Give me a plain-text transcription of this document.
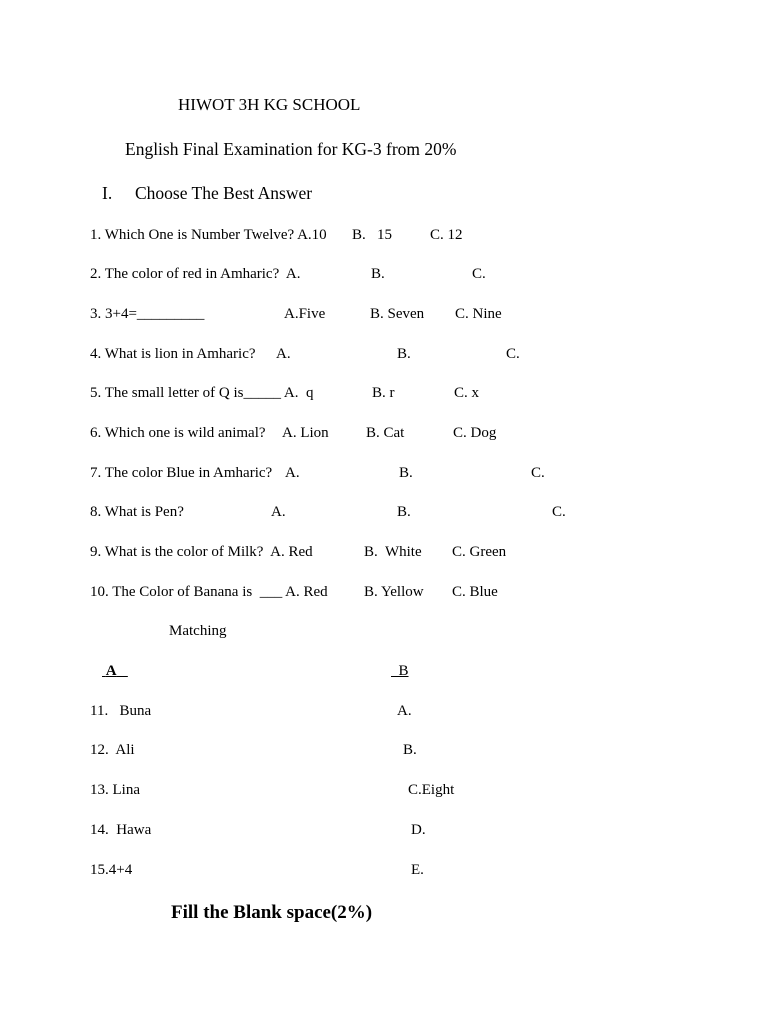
HIWOT 3H KG SCHOOL
English Final Examination for KG-3 from 20%
I. Choose The Best Answer
1. Which One is Number Twelve? A.10 B.   15	C. 12
2. The color of red in Amharic?  A.	B.	C.
3. 3+4=_________	A.Five	B. Seven C. Nine
4. What is lion in Amharic? A.	B.	C.
5. The small letter of Q is_____ A.  q	B. r	C. x
6. Which one is wild animal? A. Lion B. Cat	C. Dog
7. The color Blue in Amharic? A.	B.	C.
8. What is Pen?	A.	B.	C.
9. What is the color of Milk?  A. Red	B.  White C. Green
10. The Color of Banana is  ___ A. Red B. Yellow C. Blue
Matching
A	B
11.   Buna	A.
12.  Ali	B.
13. Lina	C.Eight
14.  Hawa	D.
15.4+4	E.
Fill the Blank space(2%)
